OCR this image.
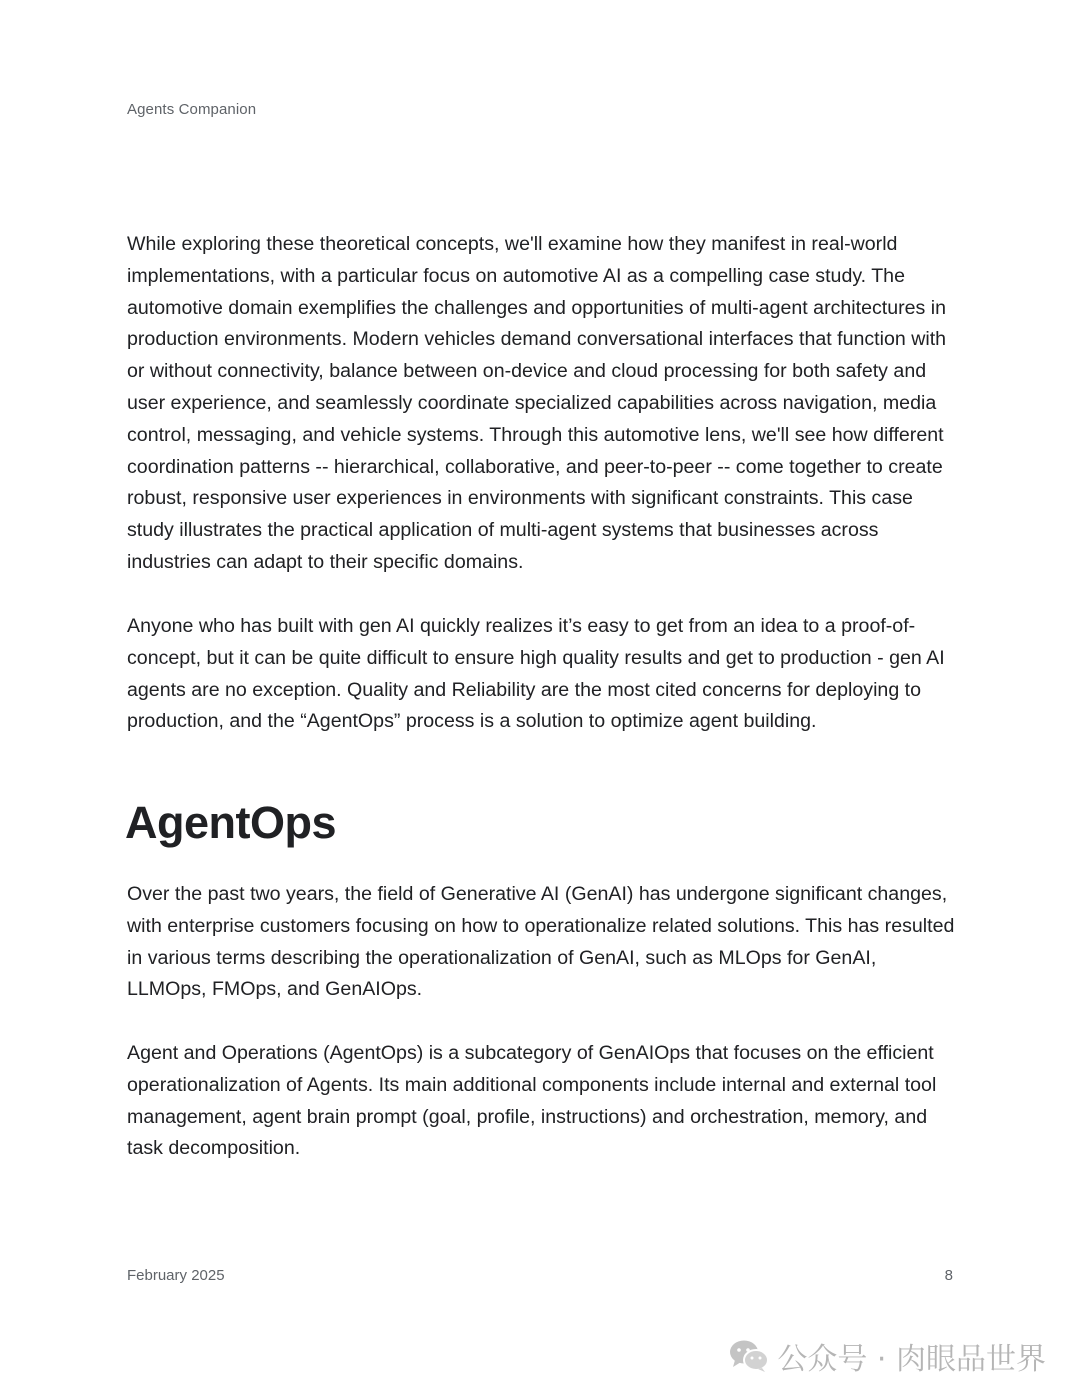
Agents Companion

While exploring these theoretical concepts, we'll examine how they manifest in real-world implementations, with a particular focus on automotive AI as a compelling case study. The automotive domain exemplifies the challenges and opportunities of multi-agent architectures in production environments. Modern vehicles demand conversational interfaces that function with or without connectivity, balance between on-device and cloud processing for both safety and user experience, and seamlessly coordinate specialized capabilities across navigation, media control, messaging, and vehicle systems. Through this automotive lens, we'll see how different coordination patterns -- hierarchical, collaborative, and peer-to-peer -- come together to create robust, responsive user experiences in environments with significant constraints. This case study illustrates the practical application of multi-agent systems that businesses across industries can adapt to their specific domains.

Anyone who has built with gen AI quickly realizes it’s easy to get from an idea to a proof-of-concept, but it can be quite difficult to ensure high quality results and get to production - gen AI agents are no exception. Quality and Reliability are the most cited concerns for deploying to production, and the “AgentOps” process is a solution to optimize agent building.

AgentOps

Over the past two years, the field of Generative AI (GenAI) has undergone significant changes, with enterprise customers focusing on how to operationalize related solutions. This has resulted in various terms describing the operationalization of GenAI, such as MLOps for GenAI, LLMOps, FMOps, and GenAIOps.

Agent and Operations (AgentOps) is a subcategory of GenAIOps that focuses on the efficient operationalization of Agents. Its main additional components include internal and external tool management, agent brain prompt (goal, profile, instructions) and orchestration, memory, and task decomposition.

February 2025	8
公众号 · 肉眼品世界
